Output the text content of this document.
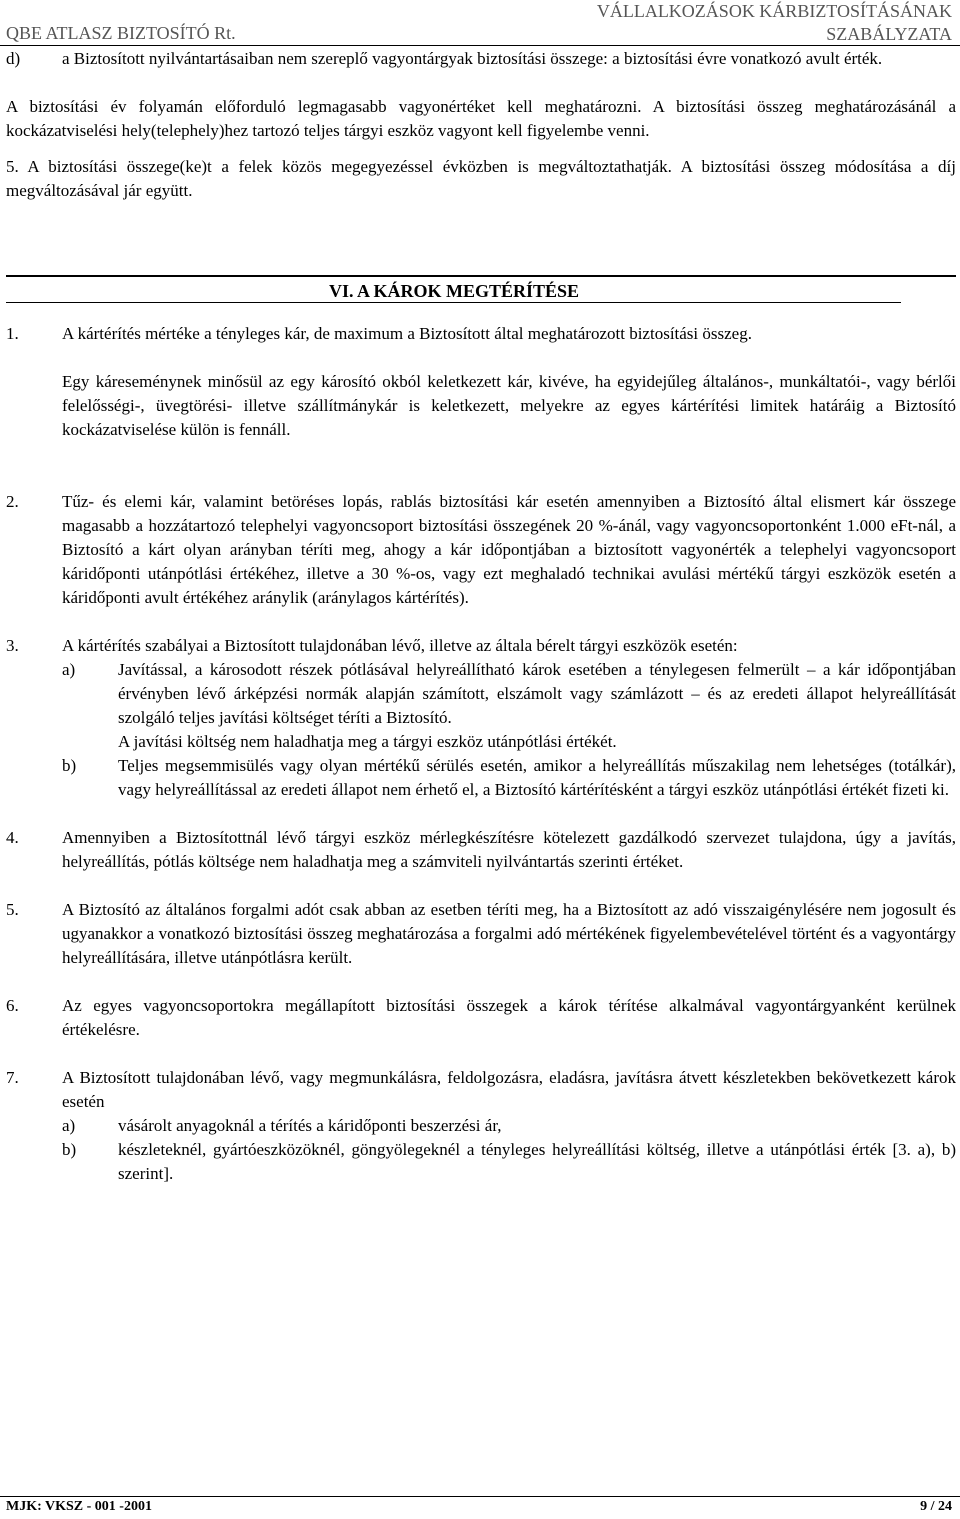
QBE ATLASZ BIZTOSÍTÓ Rt.
VÁLLALKOZÁSOK KÁRBIZTOSÍTÁSÁNAK
SZABÁLYZATA

d) a Biztosított nyilvántartásaiban nem szereplő vagyontárgyak biztosítási összege: a biztosítási évre vonatkozó avult érték.

A biztosítási év folyamán előforduló legmagasabb vagyonértéket kell meghatározni. A biztosítási összeg meghatározásánál a kockázatviselési hely(telephely)hez tartozó teljes tárgyi eszköz vagyont kell figyelembe venni.

5. A biztosítási összege(ke)t a felek közös megegyezéssel évközben is megváltoztathatják. A biztosítási összeg módosítása a díj megváltozásával jár együtt.

VI. A KÁROK MEGTÉRÍTÉSE

1.	A kártérítés mértéke a tényleges kár, de maximum a Biztosított által meghatározott biztosítási összeg.

Egy káreseménynek minősül az egy károsító okból keletkezett kár, kivéve, ha egyidejűleg általános-, munkáltatói-, vagy bérlői felelősségi-, üvegtörési- illetve szállítmánykár is keletkezett, melyekre az egyes kártérítési limitek határáig a Biztosító kockázatviselése külön is fennáll.

2.	Tűz- és elemi kár, valamint betöréses lopás, rablás biztosítási kár esetén amennyiben a Biztosító által elismert kár összege magasabb a hozzátartozó telephelyi vagyoncsoport biztosítási összegének 20 %-ánál, vagy vagyoncsoportonként 1.000 eFt-nál, a Biztosító a kárt olyan arányban téríti meg, ahogy a kár időpontjában a biztosított vagyonérték a telephelyi vagyoncsoport káridőponti utánpótlási értékéhez, illetve a 30 %-os, vagy ezt meghaladó technikai avulási mértékű tárgyi eszközök esetén a káridőponti avult értékéhez aránylik (aránylagos kártérítés).

3.	A kártérítés szabályai a Biztosított tulajdonában lévő, illetve az általa bérelt tárgyi eszközök esetén:

a)	Javítással, a károsodott részek pótlásával helyreállítható károk esetében a ténylegesen felmerült – a kár időpontjában érvényben lévő árképzési normák alapján számított, elszámolt vagy számlázott – és az eredeti állapot helyreállítását szolgáló teljes javítási költséget téríti a Biztosító.

A javítási költség nem haladhatja meg a tárgyi eszköz utánpótlási értékét.

b) Teljes megsemmisülés vagy olyan mértékű sérülés esetén, amikor a helyreállítás műszakilag nem lehetséges (totálkár), vagy helyreállítással az eredeti állapot nem érhető el, a Biztosító kártérítésként a tárgyi eszköz utánpótlási értékét fizeti ki.

4.	Amennyiben a Biztosítottnál lévő tárgyi eszköz mérlegkészítésre kötelezett gazdálkodó szervezet tulajdona, úgy a javítás, helyreállítás, pótlás költsége nem haladhatja meg a számviteli nyilvántartás szerinti értéket.

5.	A Biztosító az általános forgalmi adót csak abban az esetben téríti meg, ha a Biztosított az adó visszaigénylésére nem jogosult és ugyanakkor a vonatkozó biztosítási összeg meghatározása a forgalmi adó mértékének figyelembevételével történt és a vagyontárgy helyreállítására, illetve utánpótlásra került.

6.	Az egyes vagyoncsoportokra megállapított biztosítási összegek a károk térítése alkalmával vagyontárgyanként kerülnek értékelésre.

7.	A Biztosított tulajdonában lévő, vagy megmunkálásra, feldolgozásra, eladásra, javításra átvett készletekben bekövetkezett károk esetén

a)	vásárolt anyagoknál a térítés a káridőponti beszerzési ár,

b) készleteknél, gyártóeszközöknél, göngyölegeknél a tényleges helyreállítási költség, illetve a utánpótlási érték [3. a), b) szerint].

MJK: VKSZ - 001 -2001	9 / 24
